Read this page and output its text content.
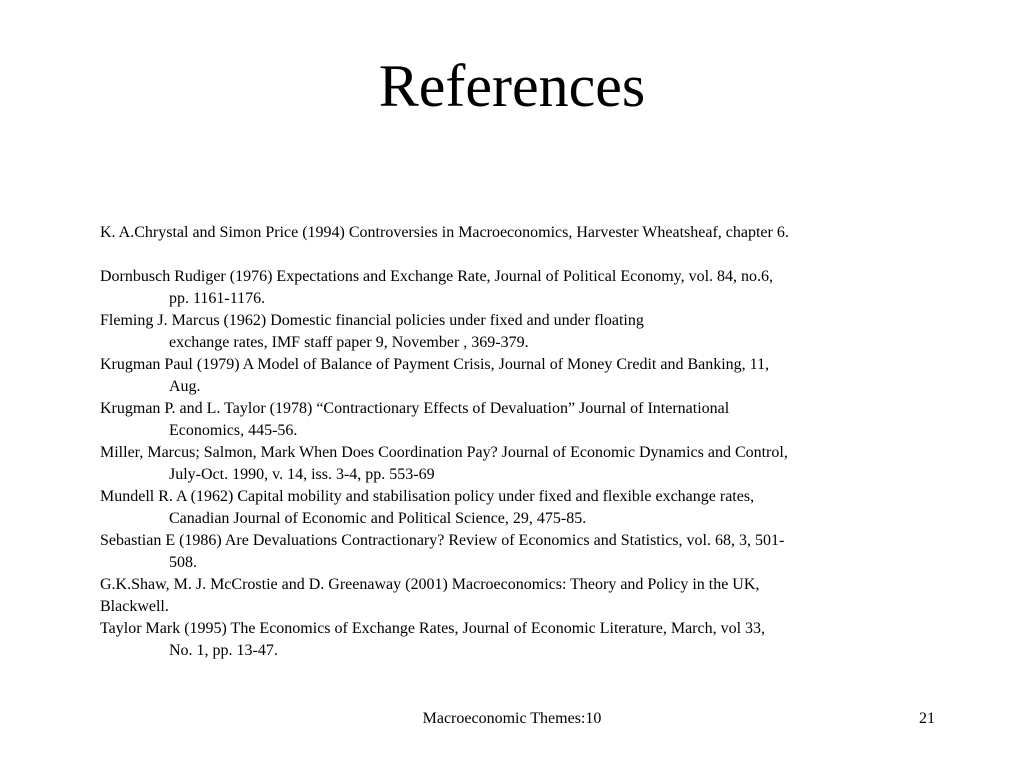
References
K. A.Chrystal and Simon Price (1994) Controversies in Macroeconomics, Harvester Wheatsheaf, chapter 6.
Dornbusch Rudiger (1976) Expectations and Exchange Rate, Journal of Political Economy, vol. 84, no.6,
pp. 1161-1176.
Fleming J. Marcus (1962) Domestic financial policies under fixed and under floating
exchange rates, IMF staff paper 9, November , 369-379.
Krugman Paul (1979) A Model of Balance of Payment Crisis, Journal of Money Credit and Banking, 11,
Aug.
Krugman P. and L. Taylor (1978) “Contractionary Effects of Devaluation” Journal of International
Economics, 445-56.
Miller, Marcus; Salmon, Mark When Does Coordination Pay? Journal of Economic Dynamics and Control,
July-Oct. 1990, v. 14, iss. 3-4, pp. 553-69
Mundell R. A (1962) Capital mobility and stabilisation policy under fixed and flexible exchange rates,
Canadian Journal of Economic and Political Science, 29, 475-85.
Sebastian E (1986) Are Devaluations Contractionary? Review of Economics and Statistics, vol. 68, 3, 501-
508.
G.K.Shaw, M. J. McCrostie and D. Greenaway (2001) Macroeconomics: Theory and Policy in the UK,
Blackwell.
Taylor Mark (1995) The Economics of Exchange Rates, Journal of Economic Literature, March, vol 33,
No. 1, pp. 13-47.
Macroeconomic Themes:10	21
